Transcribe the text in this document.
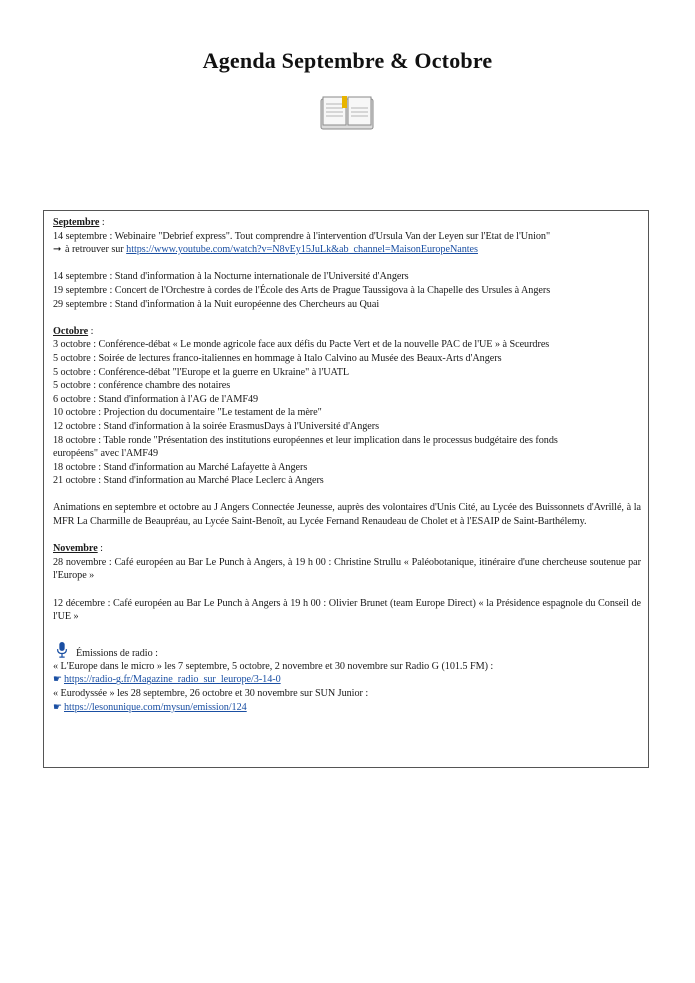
Agenda Septembre & Octobre
Septembre :
14 septembre : Webinaire "Debrief express". Tout comprendre à l'intervention d'Ursula Van der Leyen sur l'Etat de l'Union"
➞ à retrouver sur https://www.youtube.com/watch?v=N8vEy15JuLk&ab_channel=MaisonEuropeNantes
14 septembre : Stand d'information à la Nocturne internationale de l'Université d'Angers
19 septembre : Concert de l'Orchestre à cordes de l'École des Arts de Prague Taussigova à la Chapelle des Ursules à Angers
29 septembre : Stand d'information à la Nuit européenne des Chercheurs au Quai
Octobre :
3 octobre : Conférence-débat « Le monde agricole face aux défis du Pacte Vert et de la nouvelle PAC de l'UE » à Sceurdres
5 octobre : Soirée de lectures franco-italiennes en hommage à Italo Calvino au Musée des Beaux-Arts d'Angers
5 octobre : Conférence-débat "l'Europe et la guerre en Ukraine" à l'UATL
5 octobre : conférence chambre des notaires
6 octobre : Stand d'information à l'AG de l'AMF49
10 octobre : Projection du documentaire "Le testament de la mère"
12 octobre : Stand d'information à la soirée ErasmusDays à l'Université d'Angers
18 octobre : Table ronde "Présentation des institutions européennes et leur implication dans le processus budgétaire des fonds
européens" avec l'AMF49
18 octobre : Stand d'information au Marché Lafayette à Angers
21 octobre : Stand d'information au Marché Place Leclerc à Angers
Animations en septembre et octobre au J Angers Connectée Jeunesse, auprès des volontaires d'Unis Cité, au Lycée des Buissonnets d'Avrillé, à la MFR La Charmille de Beaupréau, au Lycée Saint-Benoît, au Lycée Fernand Renaudeau de Cholet et à l'ESAIP de Saint-Barthélemy.
Novembre :
28 novembre : Café européen au Bar Le Punch à Angers, à 19 h 00 : Christine Strullu « Paléobotanique, itinéraire d'une chercheuse soutenue par l'Europe »
12 décembre : Café européen au Bar Le Punch à Angers à 19 h 00 : Olivier Brunet (team Europe Direct) « la Présidence espagnole du Conseil de l'UE »
Émissions de radio :
« L'Europe dans le micro » les 7 septembre, 5 octobre, 2 novembre et 30 novembre sur Radio G (101.5 FM) :
☛ https://radio-g.fr/Magazine_radio_sur_leurope/3-14-0
« Eurodyssée » les 28 septembre, 26 octobre et 30 novembre sur SUN Junior :
☛ https://lesonunique.com/mysun/emission/124
